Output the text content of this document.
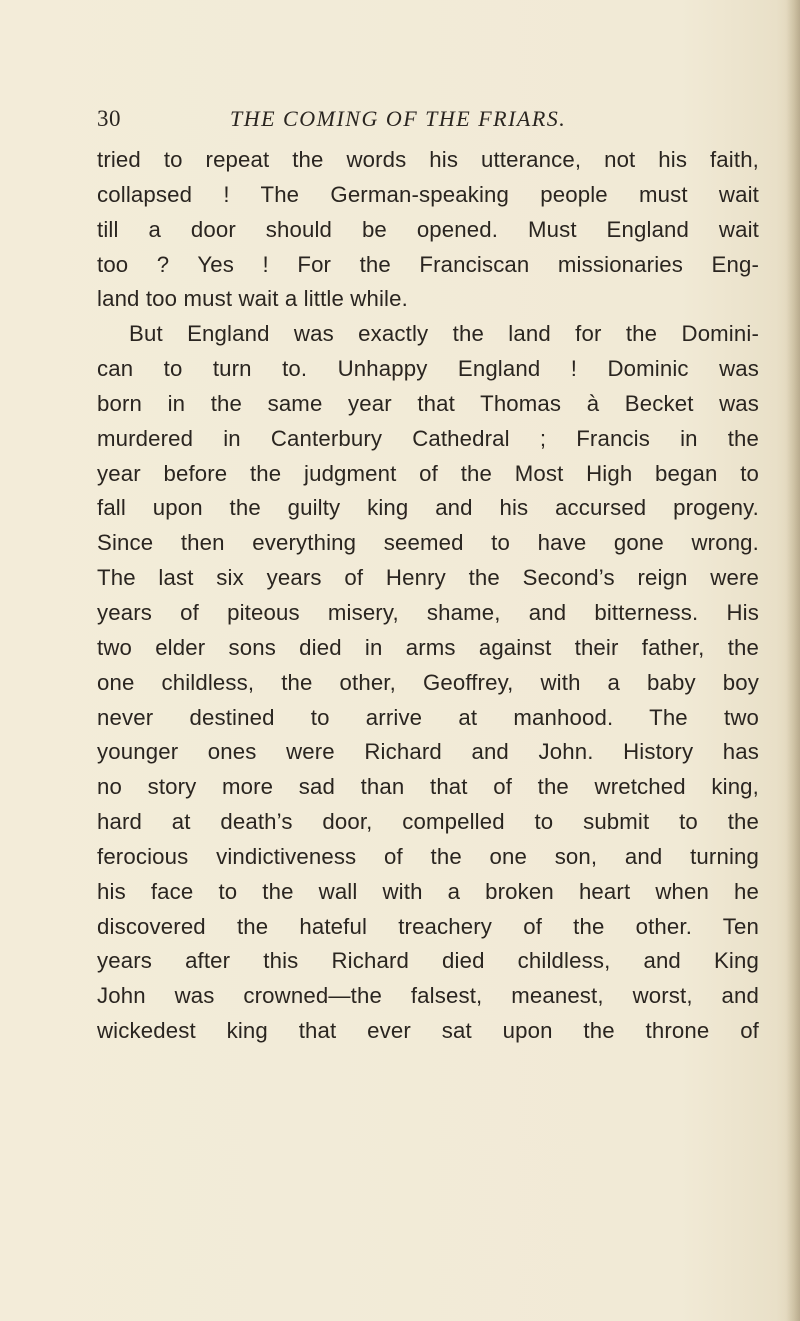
30	THE COMING OF THE FRIARS.
tried to repeat the words his utterance, not his faith,
collapsed ! The German-speaking people must wait
till a door should be opened. Must England wait
too ? Yes ! For the Franciscan missionaries Eng-
land too must wait a little while.
But England was exactly the land for the Domini-
can to turn to. Unhappy England ! Dominic was
born in the same year that Thomas à Becket was
murdered in Canterbury Cathedral ; Francis in the
year before the judgment of the Most High began to
fall upon the guilty king and his accursed progeny.
Since then everything seemed to have gone wrong.
The last six years of Henry the Second’s reign were
years of piteous misery, shame, and bitterness. His
two elder sons died in arms against their father, the
one childless, the other, Geoffrey, with a baby boy
never destined to arrive at manhood. The two
younger ones were Richard and John. History has
no story more sad than that of the wretched king,
hard at death’s door, compelled to submit to the
ferocious vindictiveness of the one son, and turning
his face to the wall with a broken heart when he
discovered the hateful treachery of the other. Ten
years after this Richard died childless, and King
John was crowned—the falsest, meanest, worst, and
wickedest king that ever sat upon the throne of
